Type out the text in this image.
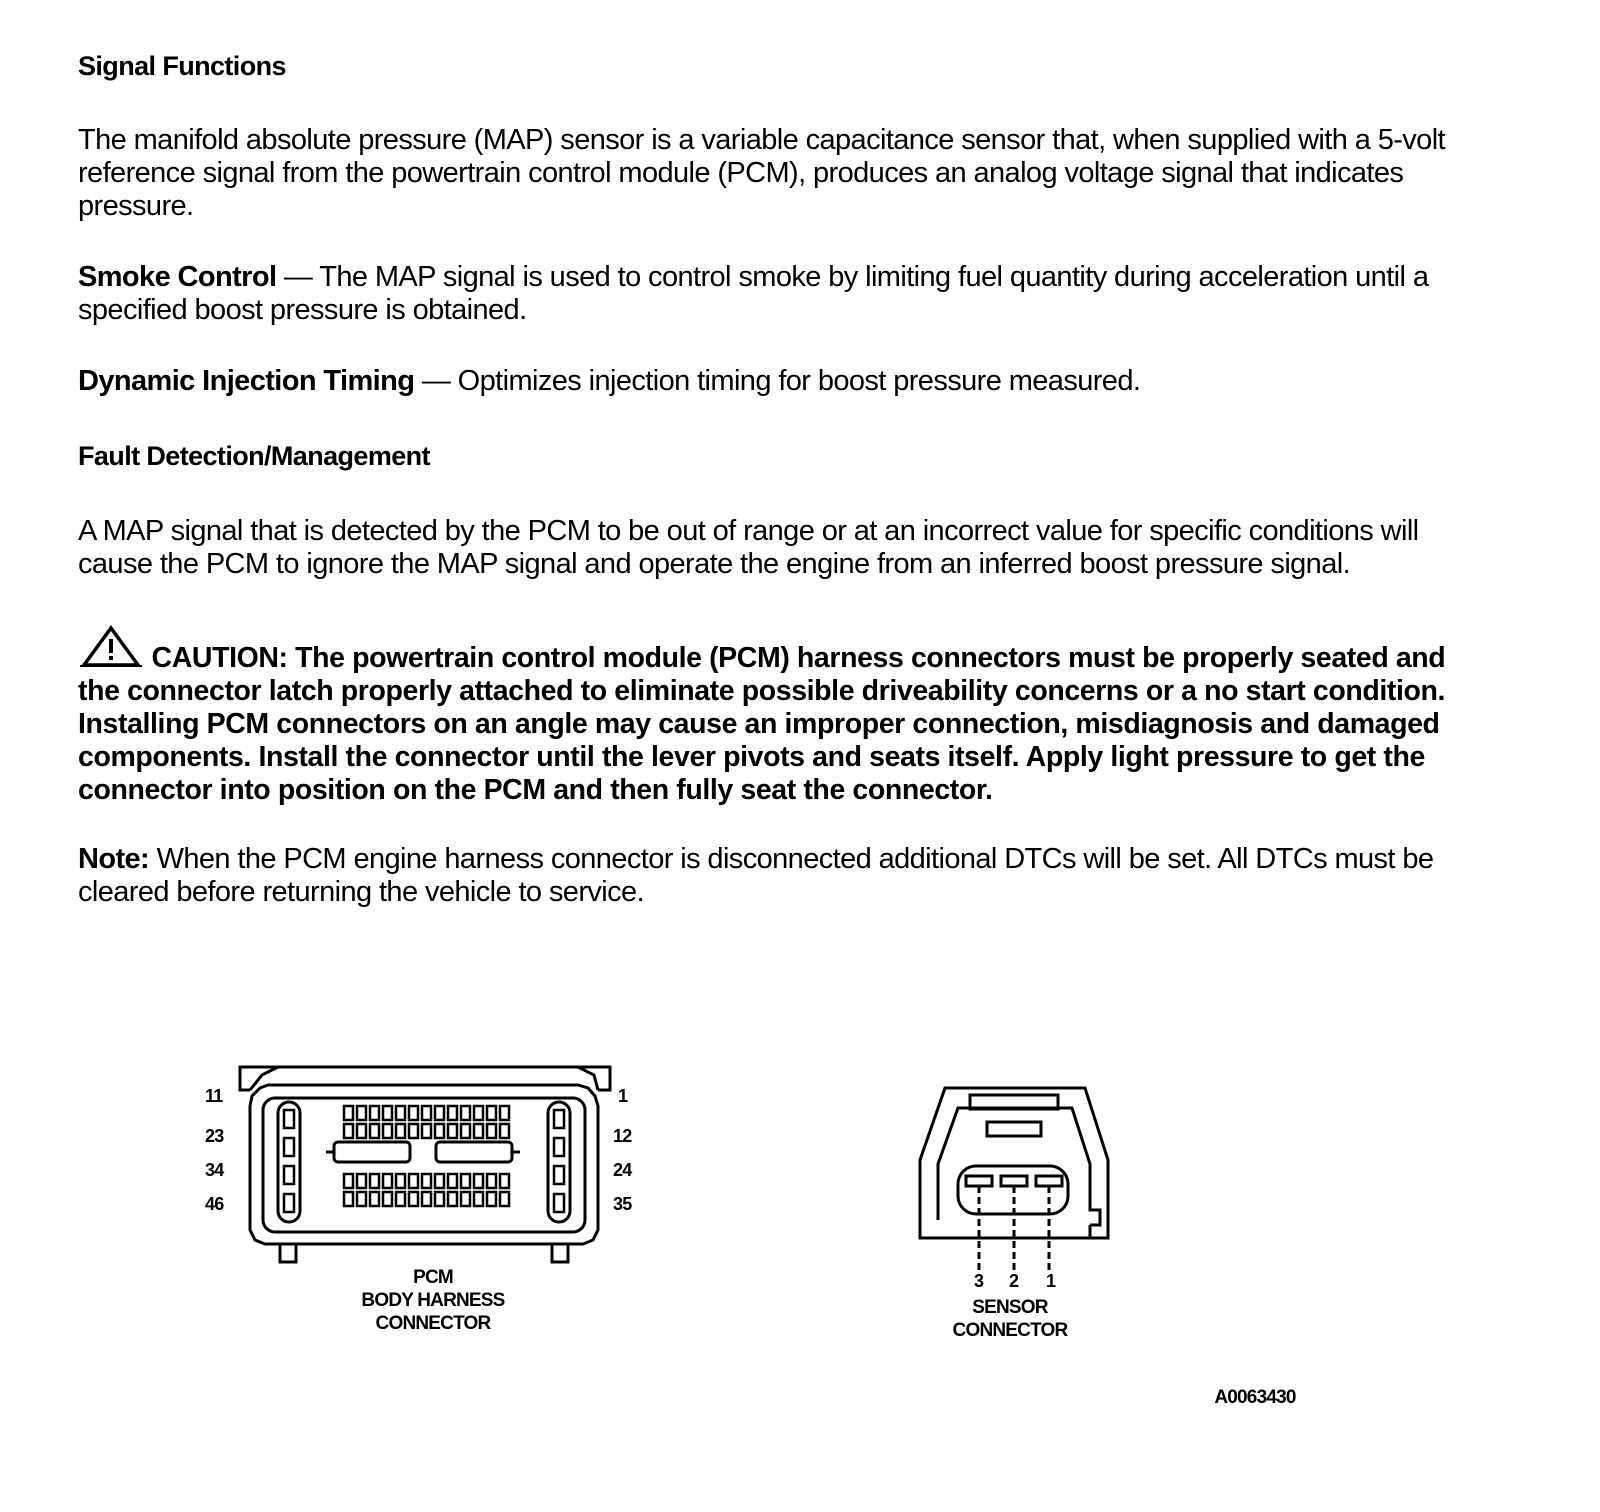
Signal Functions

The manifold absolute pressure (MAP) sensor is a variable capacitance sensor that, when supplied with a 5-volt reference signal from the powertrain control module (PCM), produces an analog voltage signal that indicates pressure.

Smoke Control — The MAP signal is used to control smoke by limiting fuel quantity during acceleration until a specified boost pressure is obtained.

Dynamic Injection Timing — Optimizes injection timing for boost pressure measured.

Fault Detection/Management

A MAP signal that is detected by the PCM to be out of range or at an incorrect value for specific conditions will cause the PCM to ignore the MAP signal and operate the engine from an inferred boost pressure signal.

CAUTION: The powertrain control module (PCM) harness connectors must be properly seated and the connector latch properly attached to eliminate possible driveability concerns or a no start condition. Installing PCM connectors on an angle may cause an improper connection, misdiagnosis and damaged components. Install the connector until the lever pivots and seats itself. Apply light pressure to get the connector into position on the PCM and then fully seat the connector.

Note: When the PCM engine harness connector is disconnected additional DTCs will be set. All DTCs must be cleared before returning the vehicle to service.

11
23
34
46
1
12
24
35
3 2 1
PCM
BODY HARNESS
CONNECTOR
SENSOR
CONNECTOR
A0063430
